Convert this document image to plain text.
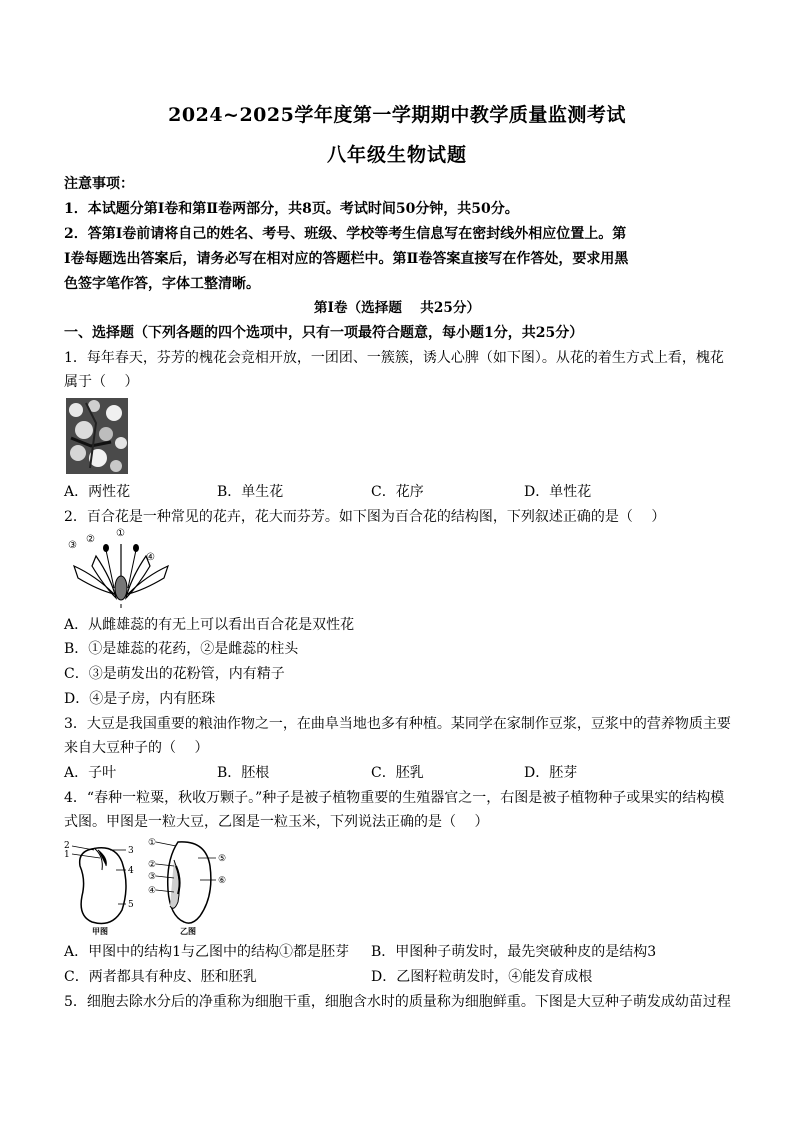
2024~2025学年度第一学期期中教学质量监测考试
八年级生物试题
注意事项：
1．本试题分第Ⅰ卷和第Ⅱ卷两部分，共8页。考试时间50分钟，共50分。
2．答第Ⅰ卷前请将自己的姓名、考号、班级、学校等考生信息写在密封线外相应位置上。第
Ⅰ卷每题选出答案后，请务必写在相对应的答题栏中。第Ⅱ卷答案直接写在作答处，要求用黑
色签字笔作答，字体工整清晰。
第Ⅰ卷（选择题　 共25分）
一、选择题（下列各题的四个选项中，只有一项最符合题意，每小题1分，共25分）
1．每年春天，芬芳的槐花会竞相开放，一团团、一簇簇，诱人心脾（如下图）。从花的着生方式上看，槐花
属于（　 ）
A．两性花	B．单生花	C．花序	D．单性花
2．百合花是一种常见的花卉，花大而芬芳。如下图为百合花的结构图，下列叙述正确的是（　 ）
③
②
①
④
A．从雌雄蕊的有无上可以看出百合花是双性花
B．①是雄蕊的花药，②是雌蕊的柱头
C．③是萌发出的花粉管，内有精子
D．④是子房，内有胚珠
3．大豆是我国重要的粮油作物之一，在曲阜当地也多有种植。某同学在家制作豆浆，豆浆中的营养物质主要
来自大豆种子的（　 ）
A．子叶	B．胚根	C．胚乳	D．胚芽
4．“春种一粒粟，秋收万颗子。”种子是被子植物重要的生殖器官之一，右图是被子植物种子或果实的结构模
式图。甲图是一粒大豆，乙图是一粒玉米，下列说法正确的是（　 ）
2
1	3
4
5
甲图
①
②
③
④
⑤
⑥
乙图
A．甲图中的结构1与乙图中的结构①都是胚芽 B．甲图种子萌发时，最先突破种皮的是结构3
C．两者都具有种皮、胚和胚乳	D．乙图籽粒萌发时，④能发育成根
5．细胞去除水分后的净重称为细胞干重，细胞含水时的质量称为细胞鲜重。下图是大豆种子萌发成幼苗过程
